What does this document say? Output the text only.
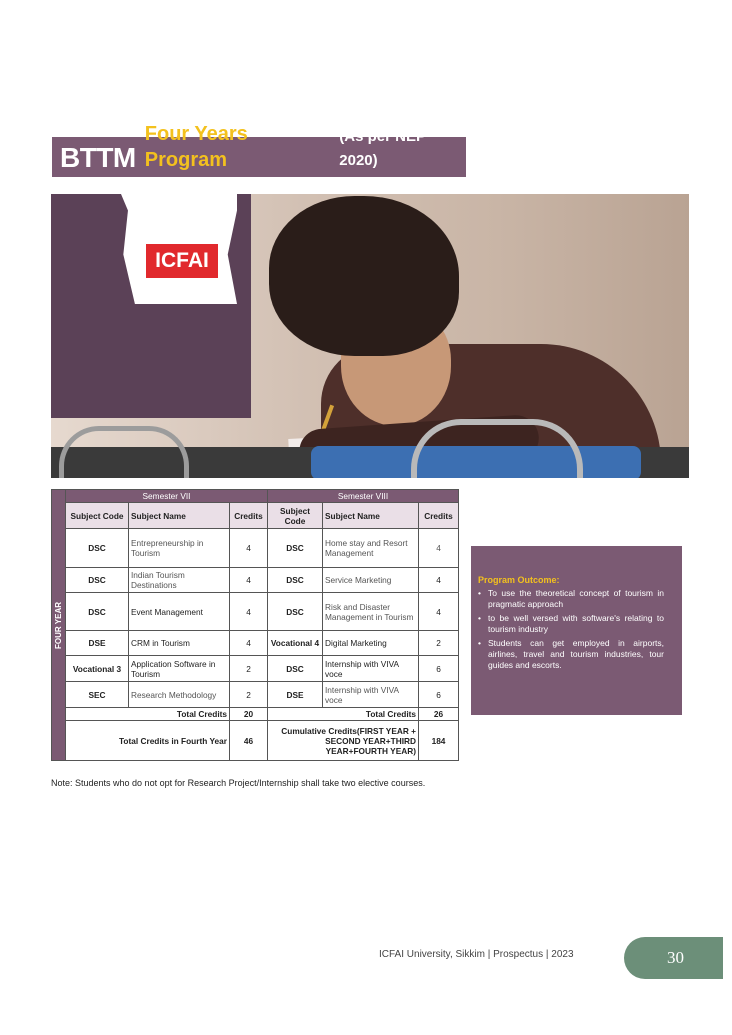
BTTM
Four Years Program
(As per NEP 2020)
ICFAI
FOUR YEAR	Semester VII			Semester VIII		
	Subject Code	Subject Name	Credits	Subject Code	Subject Name	Credits
	DSC	Entrepreneurship in Tourism	4	DSC	Home stay and Resort Management	4
	DSC	Indian Tourism Destinations	4	DSC	Service Marketing	4
	DSC	Event Management	4	DSC	Risk and Disaster Management in Tourism	4
	DSE	CRM in Tourism	4	Vocational 4	Digital Marketing	2
	Vocational 3	Application Software in Tourism	2	DSC	Internship with VIVA voce	6
	SEC	Research Methodology	2	DSE	Internship with VIVA voce	6
	Total Credits		20	Total Credits		26
	Total Credits in Fourth Year		46	Cumulative Credits(FIRST YEAR + SECOND YEAR+THIRD YEAR+FOURTH YEAR)		184
Note: Students who do not opt for Research Project/Internship shall take two elective courses.
Program Outcome:
• To use the theoretical concept of tourism in pragmatic approach
• to be well versed with software's relating to tourism industry
• Students can get employed in airports, airlines, travel and tourism industries, tour guides and escorts.
ICFAI University, Sikkim | Prospectus | 2023	30
